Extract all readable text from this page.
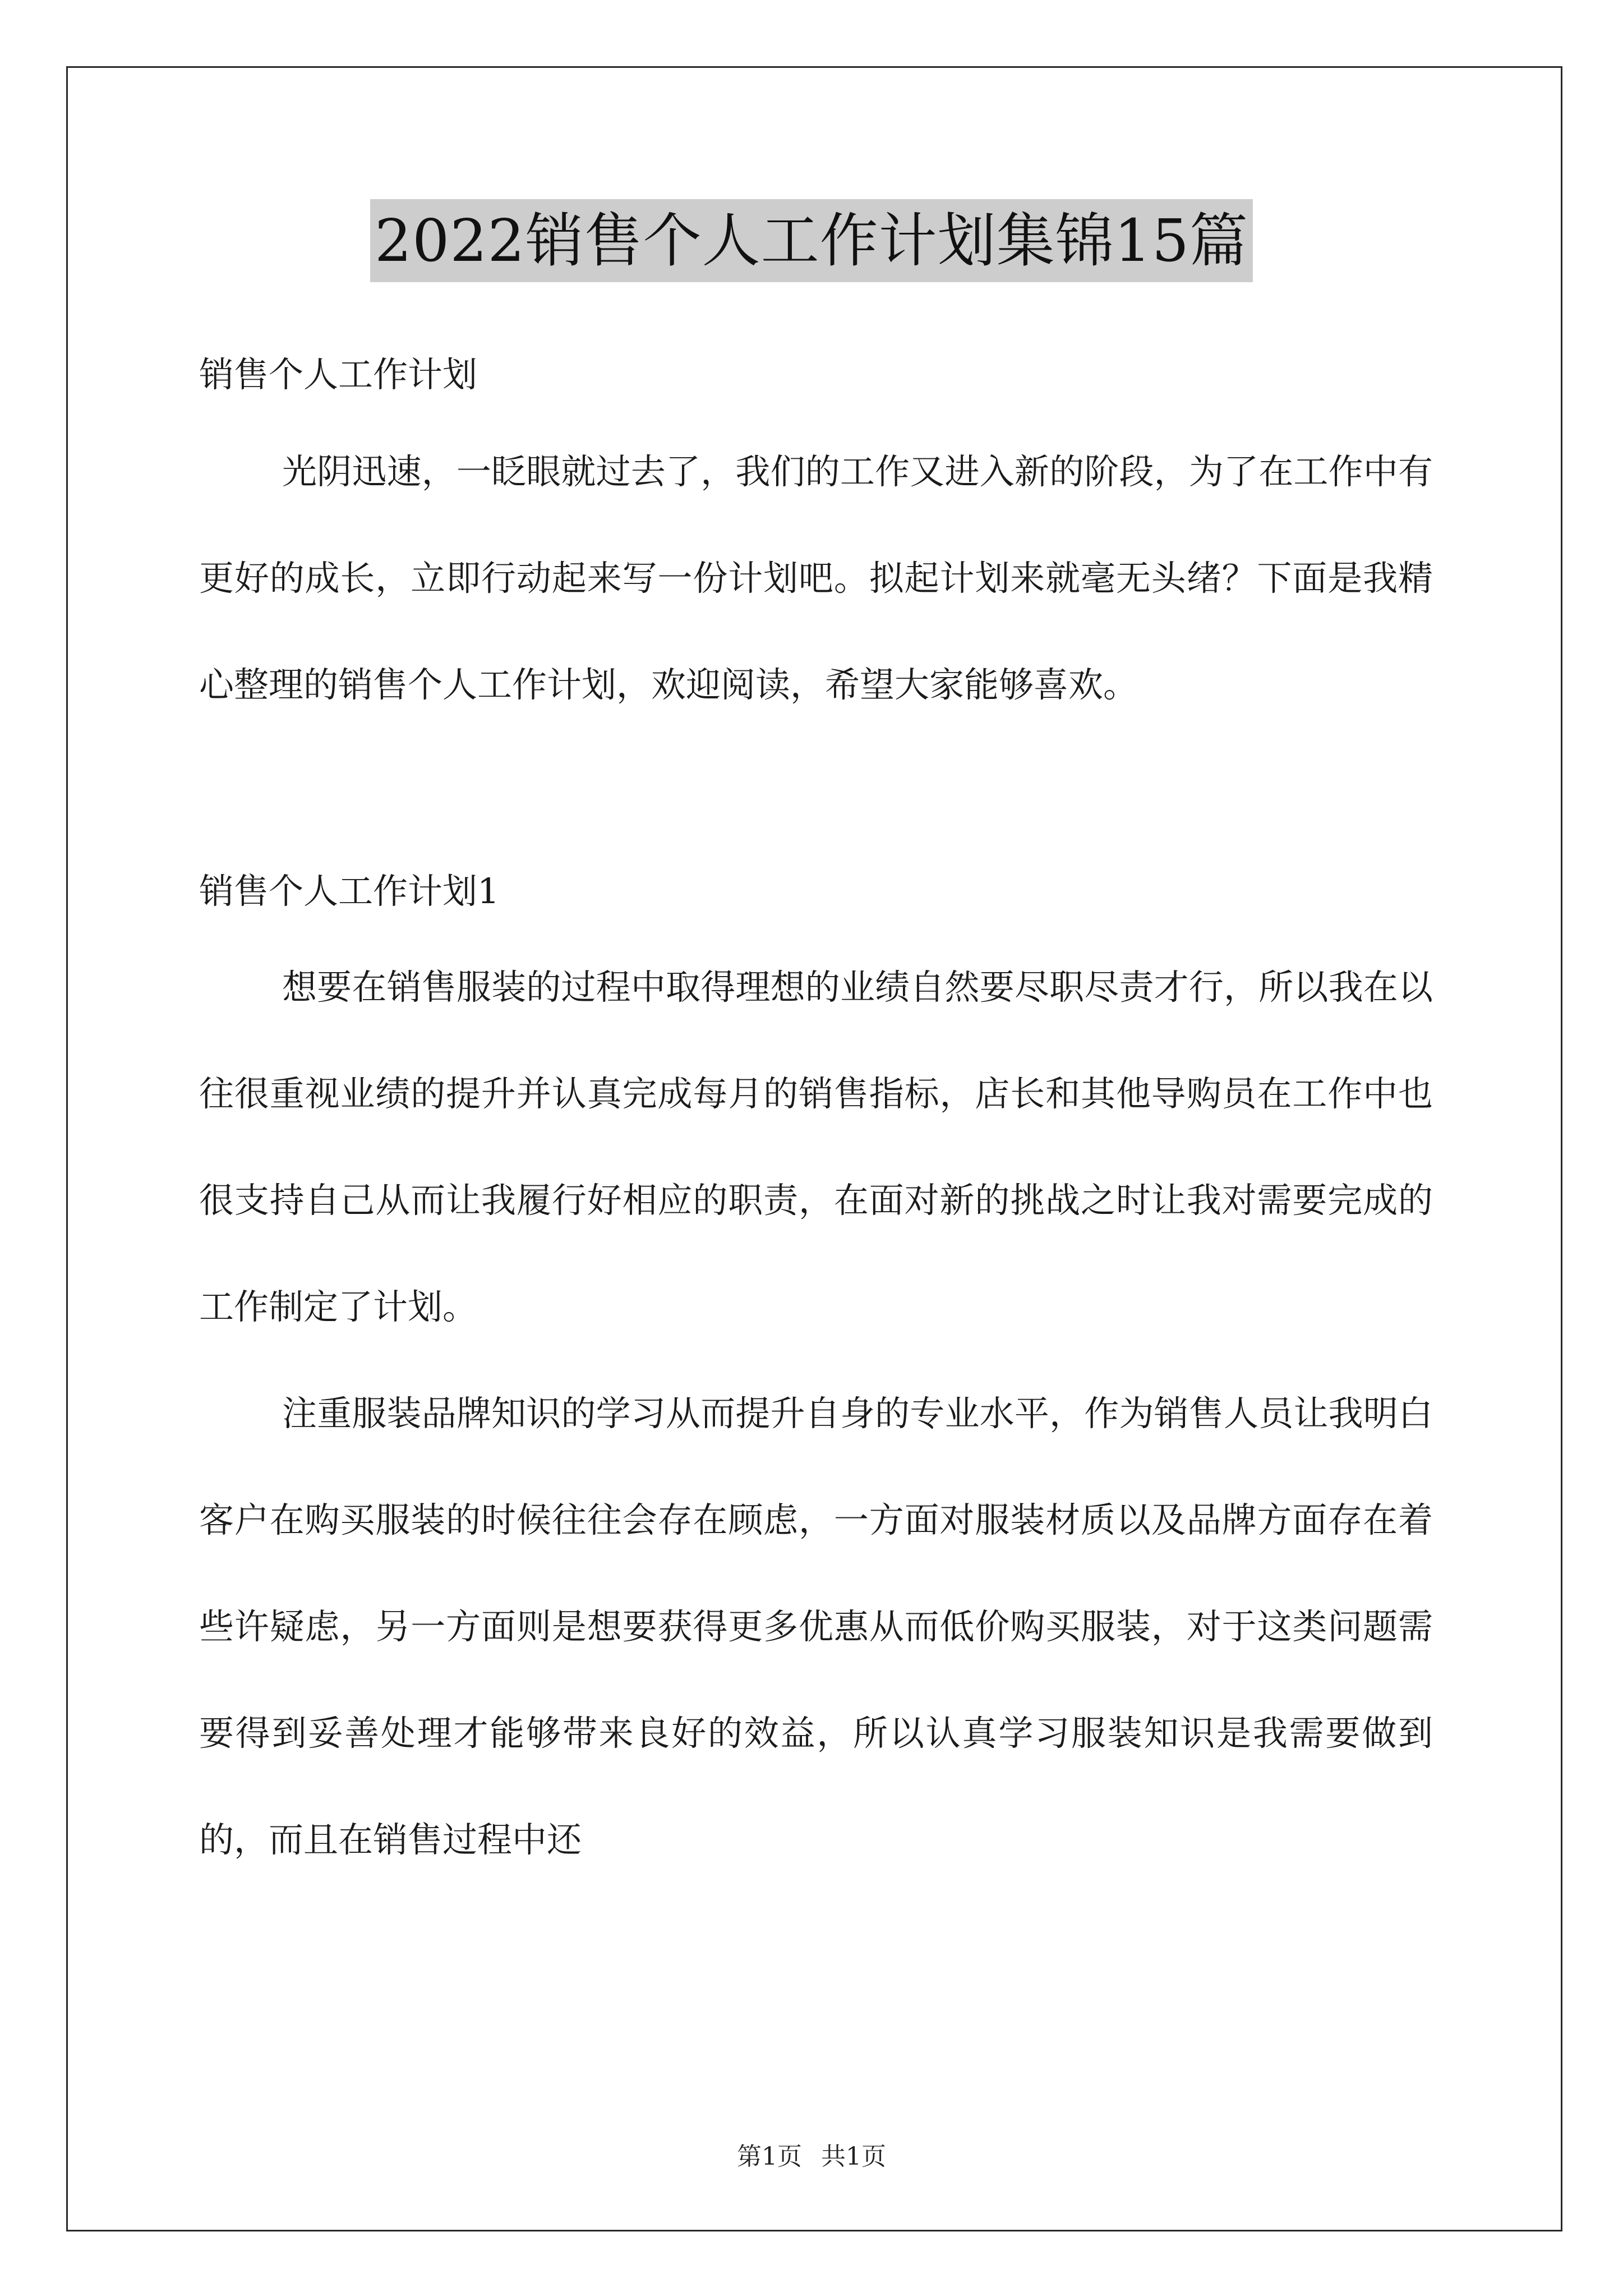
2022销售个人工作计划集锦15篇

销售个人工作计划

光阴迅速，一眨眼就过去了，我们的工作又进入新的阶段，为了在工作中有更好的成长，立即行动起来写一份计划吧。拟起计划来就毫无头绪？下面是我精心整理的销售个人工作计划，欢迎阅读，希望大家能够喜欢。

销售个人工作计划1

想要在销售服装的过程中取得理想的业绩自然要尽职尽责才行，所以我在以往很重视业绩的提升并认真完成每月的销售指标，店长和其他导购员在工作中也很支持自己从而让我履行好相应的职责，在面对新的挑战之时让我对需要完成的工作制定了计划。

注重服装品牌知识的学习从而提升自身的专业水平，作为销售人员让我明白客户在购买服装的时候往往会存在顾虑，一方面对服装材质以及品牌方面存在着些许疑虑，另一方面则是想要获得更多优惠从而低价购买服装，对于这类问题需要得到妥善处理才能够带来良好的效益，所以认真学习服装知识是我需要做到的，而且在销售过程中还

第1页 共1页
